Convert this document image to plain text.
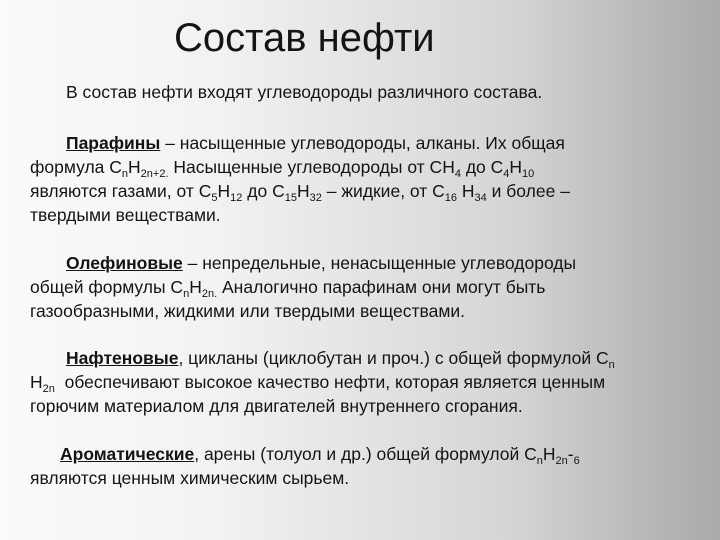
Состав нефти
В состав нефти входят углеводороды различного состава.
Парафины – насыщенные углеводороды, алканы. Их общая
формула $C_nH_{2n+2.}$ Насыщенные углеводороды от $CH_4$ до $C_4H_{10}$
являются газами, от $C_5H_{12}$ до $C_{15}H_{32}$ – жидкие, от $C_{16}$ $H_{34}$ и более –
твердыми веществами.
Олефиновые – непредельные, ненасыщенные углеводороды
общей формулы $C_nH_{2n.}$ Аналогично парафинам они могут быть
газообразными, жидкими или твердыми веществами.
Нафтеновые, циклaны (циклобутан и проч.) с общей формулой $C_n$
$H_{2n}$  обеспечивают высокое качество нефти, которая является ценным
горючим материалом для двигателей внутреннего сгорания.
Ароматические, арены (толуол и др.) общей формулой $C_nH_{2n}-_6$
являются ценным химическим сырьем.
